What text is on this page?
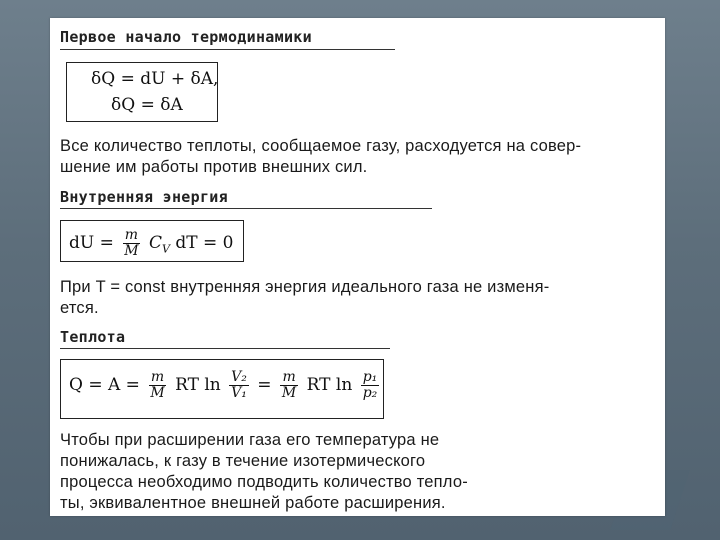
Первое начало термодинамики
δQ = dU + δA,
δQ = δA
Все количество теплоты, сообщаемое газу, расходуется на совер-
шение им работы против внешних сил.
Внутренняя энергия
dU = $\frac{m}{M} C_V$ dT = 0
При T = const внутренняя энергия идеального газа не изменя-
ется.
Теплота
$Q = A = \frac{m}{M}$ RT $\ln \frac{\text{V₂}}{\text{V₁}} = \frac{m}{M}$ RT $\ln \frac{\text{p₁}}{\text{p₂}}$
Чтобы при расширении газа его температура не
понижалась, к газу в течение изотермического
процесса необходимо подводить количество тепло-
ты, эквивалентное внешней работе расширения.
